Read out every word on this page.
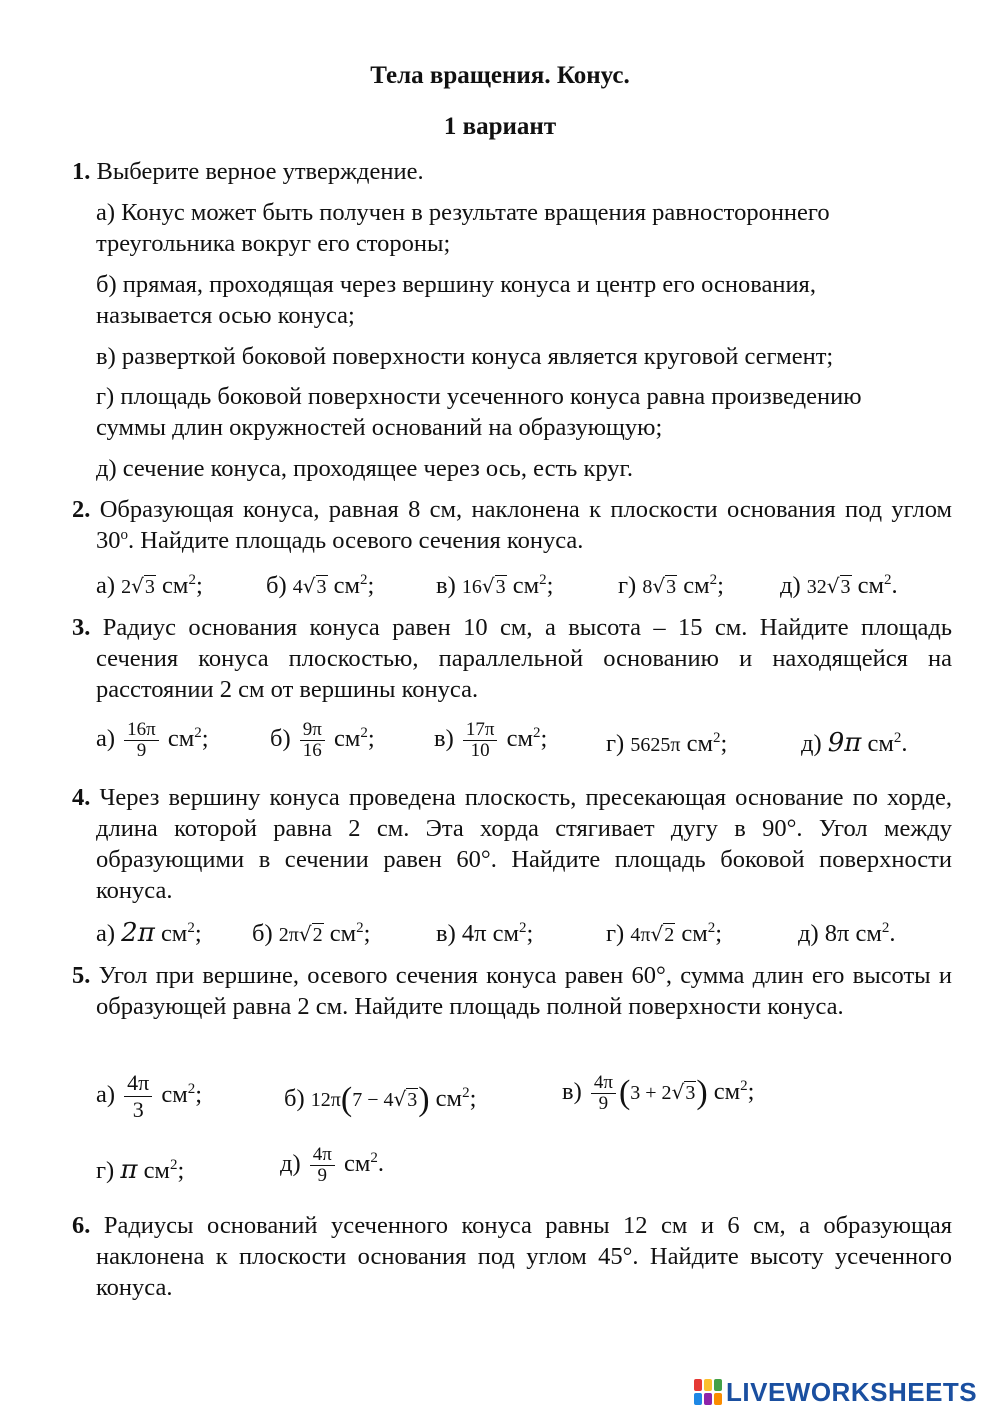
Тела вращения. Конус.
1 вариант
1. Выберите верное утверждение.
а) Конус может быть получен в результате вращения равностороннего треугольника вокруг его стороны;
б) прямая, проходящая через вершину конуса и центр его основания, называется осью конуса;
в) разверткой боковой поверхности конуса является круговой сегмент;
г) площадь боковой поверхности усеченного конуса равна произведению суммы длин окружностей оснований на образующую;
д) сечение конуса, проходящее через ось, есть круг.
2. Образующая конуса, равная 8 см, наклонена к плоскости основания под углом 30$^o$. Найдите площадь осевого сечения конуса.
а) 2√3 $см^2$;	б) 4√3 $см^2$;	в) 16√3 $см^2$;	г) 8√3 $см^2$; д) 32√3 $см^2$.
3. Радиус основания конуса равен 10 см, а высота – 15 см. Найдите площадь сечения конуса плоскостью, параллельной основанию и находящейся на расстоянии 2 см от вершины конуса.
$а) \frac{16\pi}{9} см^2$;	$б) \frac{9\pi}{16} см^2$; $в) \frac{17\pi}{10} см^2$; г) 5625π $см^2$;	д) 9π $см^2$.
4. Через вершину конуса проведена плоскость, пресекающая основание по хорде, длина которой равна 2 см. Эта хорда стягивает дугу в 90°. Угол между образующими в сечении равен 60°. Найдите площадь боковой поверхности конуса.
а) 2π $см^2$; б) 2π√2 $см^2$;	в) 4π $см^2$;	г) 4π√2 $см^2$;	д) 8π $см^2$.
5. Угол при вершине, осевого сечения конуса равен 60°, сумма длин его высоты и образующей равна 2 см. Найдите площадь полной поверхности конуса.
$а) \frac{4\pi}{3} см^2$;	б) 12π(7 − 4√3) $см^2$;	$в) \frac{4\pi}{9} (3 + 2√3)$ $см^2$;
г) π $см^2$;	$д) \frac{4\pi}{9} см^2$.
6. Радиусы оснований усеченного конуса равны 12 см и 6 см, а образующая наклонена к плоскости основания под углом 45°. Найдите высоту усеченного конуса.
LIVEWORKSHEETS
